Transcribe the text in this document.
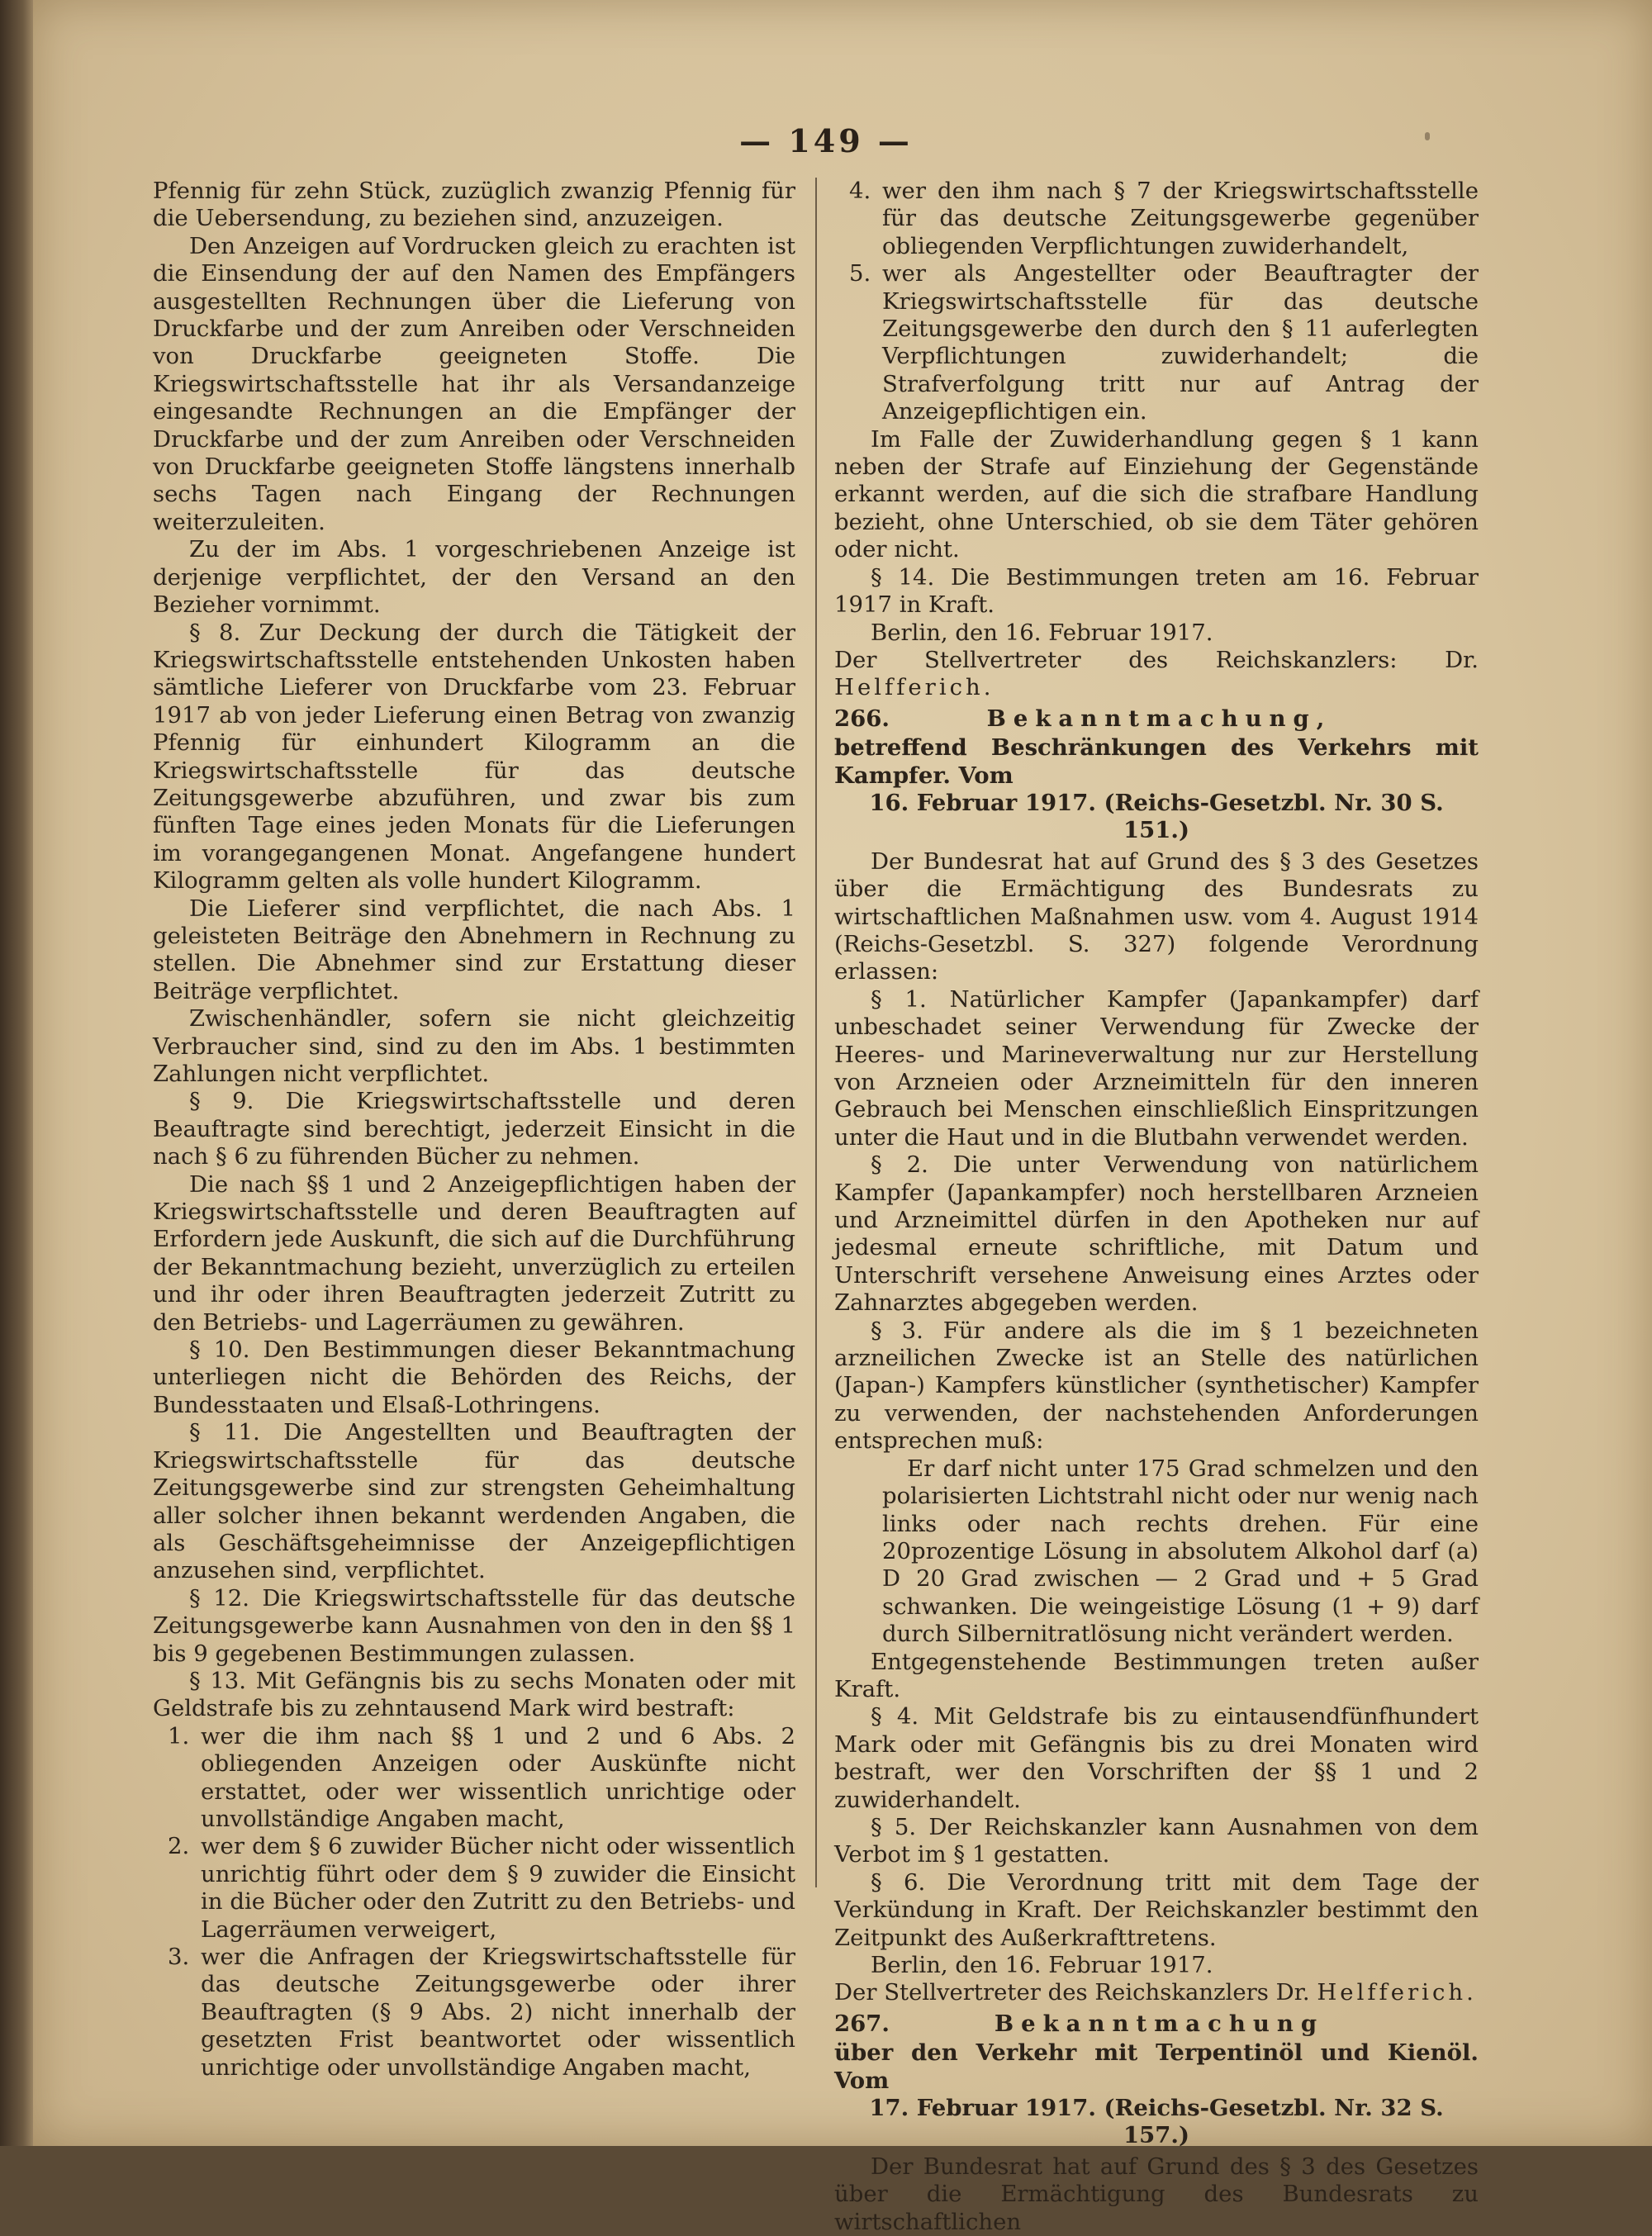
— 149 —

Pfennig für zehn Stück, zuzüglich zwanzig Pfennig für die Uebersendung, zu beziehen sind, anzuzeigen.

Den Anzeigen auf Vordrucken gleich zu erachten ist die Einsendung der auf den Namen des Empfängers ausgestellten Rechnungen über die Lieferung von Druckfarbe und der zum Anreiben oder Verschneiden von Druckfarbe geeigneten Stoffe. Die Kriegswirtschaftsstelle hat ihr als Versandanzeige eingesandte Rechnungen an die Empfänger der Druckfarbe und der zum Anreiben oder Verschneiden von Druckfarbe geeigneten Stoffe längstens innerhalb sechs Tagen nach Eingang der Rechnungen weiterzuleiten.

Zu der im Abs. 1 vorgeschriebenen Anzeige ist derjenige verpflichtet, der den Versand an den Bezieher vornimmt.

§ 8. Zur Deckung der durch die Tätigkeit der Kriegswirtschaftsstelle entstehenden Unkosten haben sämtliche Lieferer von Druckfarbe vom 23. Februar 1917 ab von jeder Lieferung einen Betrag von zwanzig Pfennig für einhundert Kilogramm an die Kriegswirtschaftsstelle für das deutsche Zeitungsgewerbe abzuführen, und zwar bis zum fünften Tage eines jeden Monats für die Lieferungen im vorangegangenen Monat. Angefangene hundert Kilogramm gelten als volle hundert Kilogramm.

Die Lieferer sind verpflichtet, die nach Abs. 1 geleisteten Beiträge den Abnehmern in Rechnung zu stellen. Die Abnehmer sind zur Erstattung dieser Beiträge verpflichtet.

Zwischenhändler, sofern sie nicht gleichzeitig Verbraucher sind, sind zu den im Abs. 1 bestimmten Zahlungen nicht verpflichtet.

§ 9. Die Kriegswirtschaftsstelle und deren Beauftragte sind berechtigt, jederzeit Einsicht in die nach § 6 zu führenden Bücher zu nehmen.

Die nach §§ 1 und 2 Anzeigepflichtigen haben der Kriegswirtschaftsstelle und deren Beauftragten auf Erfordern jede Auskunft, die sich auf die Durchführung der Bekanntmachung bezieht, unverzüglich zu erteilen und ihr oder ihren Beauftragten jederzeit Zutritt zu den Betriebs- und Lagerräumen zu gewähren.

§ 10. Den Bestimmungen dieser Bekanntmachung unterliegen nicht die Behörden des Reichs, der Bundesstaaten und Elsaß-Lothringens.

§ 11. Die Angestellten und Beauftragten der Kriegswirtschaftsstelle für das deutsche Zeitungsgewerbe sind zur strengsten Geheimhaltung aller solcher ihnen bekannt werdenden Angaben, die als Geschäftsgeheimnisse der Anzeigepflichtigen anzusehen sind, verpflichtet.

§ 12. Die Kriegswirtschaftsstelle für das deutsche Zeitungsgewerbe kann Ausnahmen von den in den §§ 1 bis 9 gegebenen Bestimmungen zulassen.

§ 13. Mit Gefängnis bis zu sechs Monaten oder mit Geldstrafe bis zu zehntausend Mark wird bestraft:

1. wer die ihm nach §§ 1 und 2 und 6 Abs. 2 obliegenden Anzeigen oder Auskünfte nicht erstattet, oder wer wissentlich unrichtige oder unvollständige Angaben macht,

2. wer dem § 6 zuwider Bücher nicht oder wissentlich unrichtig führt oder dem § 9 zuwider die Einsicht in die Bücher oder den Zutritt zu den Betriebs- und Lagerräumen verweigert,

3. wer die Anfragen der Kriegswirtschaftsstelle für das deutsche Zeitungsgewerbe oder ihrer Beauftragten (§ 9 Abs. 2) nicht innerhalb der gesetzten Frist beantwortet oder wissentlich unrichtige oder unvollständige Angaben macht,

4. wer den ihm nach § 7 der Kriegswirtschaftsstelle für das deutsche Zeitungsgewerbe gegenüber obliegenden Verpflichtungen zuwiderhandelt,

5. wer als Angestellter oder Beauftragter der Kriegswirtschaftsstelle für das deutsche Zeitungsgewerbe den durch den § 11 auferlegten Verpflichtungen zuwiderhandelt; die Strafverfolgung tritt nur auf Antrag der Anzeigepflichtigen ein.

Im Falle der Zuwiderhandlung gegen § 1 kann neben der Strafe auf Einziehung der Gegenstände erkannt werden, auf die sich die strafbare Handlung bezieht, ohne Unterschied, ob sie dem Täter gehören oder nicht.

§ 14. Die Bestimmungen treten am 16. Februar 1917 in Kraft.

Berlin, den 16. Februar 1917.

Der Stellvertreter des Reichskanzlers: Dr. Helfferich.

266.	Bekanntmachung,

betreffend Beschränkungen des Verkehrs mit Kampfer. Vom

16. Februar 1917. (Reichs-Gesetzbl. Nr. 30 S. 151.)

Der Bundesrat hat auf Grund des § 3 des Gesetzes über die Ermächtigung des Bundesrats zu wirtschaftlichen Maßnahmen usw. vom 4. August 1914 (Reichs-Gesetzbl. S. 327) folgende Verordnung erlassen:

§ 1. Natürlicher Kampfer (Japankampfer) darf unbeschadet seiner Verwendung für Zwecke der Heeres- und Marineverwaltung nur zur Herstellung von Arzneien oder Arzneimitteln für den inneren Gebrauch bei Menschen einschließlich Einspritzungen unter die Haut und in die Blutbahn verwendet werden.

§ 2. Die unter Verwendung von natürlichem Kampfer (Japankampfer) noch herstellbaren Arzneien und Arzneimittel dürfen in den Apotheken nur auf jedesmal erneute schriftliche, mit Datum und Unterschrift versehene Anweisung eines Arztes oder Zahnarztes abgegeben werden.

§ 3. Für andere als die im § 1 bezeichneten arzneilichen Zwecke ist an Stelle des natürlichen (Japan-) Kampfers künstlicher (synthetischer) Kampfer zu verwenden, der nachstehenden Anforderungen entsprechen muß:

Er darf nicht unter 175 Grad schmelzen und den polarisierten Lichtstrahl nicht oder nur wenig nach links oder nach rechts drehen. Für eine 20prozentige Lösung in absolutem Alkohol darf (a) D 20 Grad zwischen — 2 Grad und + 5 Grad schwanken. Die weingeistige Lösung (1 + 9) darf durch Silbernitratlösung nicht verändert werden.

Entgegenstehende Bestimmungen treten außer Kraft.

§ 4. Mit Geldstrafe bis zu eintausendfünfhundert Mark oder mit Gefängnis bis zu drei Monaten wird bestraft, wer den Vorschriften der §§ 1 und 2 zuwiderhandelt.

§ 5. Der Reichskanzler kann Ausnahmen von dem Verbot im § 1 gestatten.

§ 6. Die Verordnung tritt mit dem Tage der Verkündung in Kraft. Der Reichskanzler bestimmt den Zeitpunkt des Außerkrafttretens.

Berlin, den 16. Februar 1917.

Der Stellvertreter des Reichskanzlers Dr. Helfferich.

267.	Bekanntmachung

über den Verkehr mit Terpentinöl und Kienöl. Vom

17. Februar 1917. (Reichs-Gesetzbl. Nr. 32 S. 157.)

Der Bundesrat hat auf Grund des § 3 des Gesetzes über die Ermächtigung des Bundesrats zu wirtschaftlichen
